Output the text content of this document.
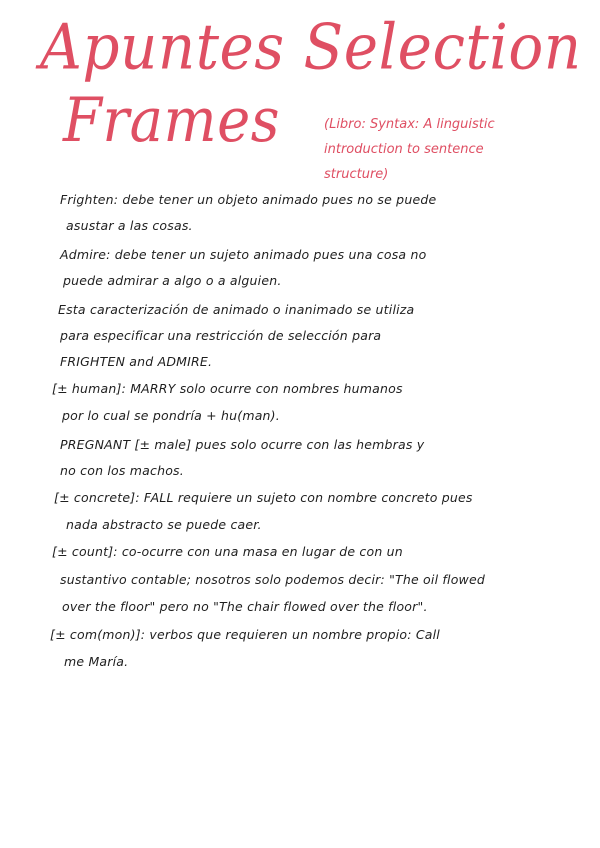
Apuntes Selection
Frames	(Libro: Syntax: A linguistic
introduction to sentence
structure)
Frighten: debe tener un objeto animado pues no se puede
asustar a las cosas.
Admire: debe tener un sujeto animado pues una cosa no
puede admirar a algo o a alguien.
Esta caracterización de animado o inanimado se utiliza
para especificar una restricción de selección para
FRIGHTEN and ADMIRE.
[± human]: MARRY solo ocurre con nombres humanos
por lo cual se pondría + hu(man).
PREGNANT [± male] pues solo ocurre con las hembras y
no con los machos.
[± concrete]: FALL requiere un sujeto con nombre concreto pues
nada abstracto se puede caer.
[± count]: co-ocurre con una masa en lugar de con un
sustantivo contable; nosotros solo podemos decir: "The oil flowed
over the floor" pero no "The chair flowed over the floor".
[± com(mon)]: verbos que requieren un nombre propio: Call
me María.
